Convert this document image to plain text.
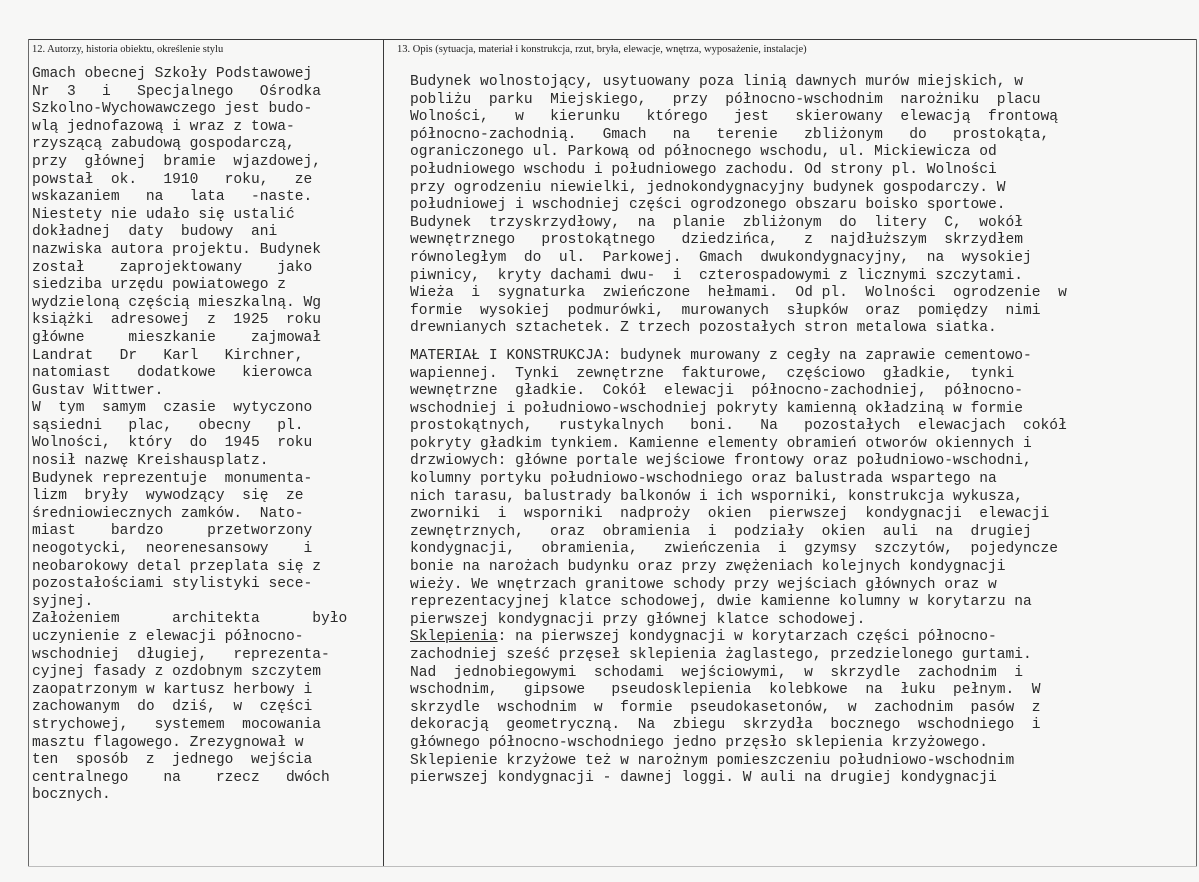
12. Autorzy, historia obiektu, określenie stylu	13. Opis (sytuacja, materiał i konstrukcja, rzut, bryła, elewacje, wnętrza, wyposażenie, instalacje)
Gmach obecnej Szkoły Podstawowej
Nr  3   i   Specjalnego   Ośrodka
Szkolno-Wychowawczego jest budo-
wlą jednofazową i wraz z towa-
rzyszącą zabudową gospodarczą,
przy  głównej  bramie  wjazdowej,
powstał  ok.   1910   roku,   ze
wskazaniem   na   lata   -naste.
Niestety nie udało się ustalić
dokładnej  daty  budowy  ani
nazwiska autora projektu. Budynek
został    zaprojektowany    jako
siedziba urzędu powiatowego z
wydzieloną częścią mieszkalną. Wg
książki  adresowej  z  1925  roku
główne     mieszkanie    zajmował
Landrat   Dr   Karl   Kirchner,
natomiast   dodatkowe   kierowca
Gustav Wittwer.
W  tym  samym  czasie  wytyczono
sąsiedni   plac,   obecny   pl.
Wolności,  który  do  1945  roku
nosił nazwę Kreishausplatz.
Budynek reprezentuje  monumenta-
lizm  bryły  wywodzący  się  ze
średniowiecznych zamków.  Nato-
miast    bardzo     przetworzony
neogotycki,  neorenesansowy    i
neobarokowy detal przeplata się z
pozostałościami stylistyki sece-
syjnej.
Założeniem      architekta      było
uczynienie z elewacji północno-
wschodniej  długiej,   reprezenta-
cyjnej fasady z ozdobnym szczytem
zaopatrzonym w kartusz herbowy i
zachowanym  do  dziś,  w  części
strychowej,   systemem  mocowania
masztu flagowego. Zrezygnował w
ten  sposób  z  jednego  wejścia
centralnego    na    rzecz   dwóch
bocznych.
Budynek wolnostojący, usytuowany poza linią dawnych murów miejskich, w
pobliżu  parku  Miejskiego,   przy  północno-wschodnim  narożniku  placu
Wolności,   w   kierunku   którego   jest   skierowany  elewacją  frontową
północno-zachodnią.   Gmach   na   terenie   zbliżonym   do   prostokąta,
ograniczonego ul. Parkową od północnego wschodu, ul. Mickiewicza od
południowego wschodu i południowego zachodu. Od strony pl. Wolności
przy ogrodzeniu niewielki, jednokondygnacyjny budynek gospodarczy. W
południowej i wschodniej części ogrodzonego obszaru boisko sportowe.
Budynek  trzyskrzydłowy,  na  planie  zbliżonym  do  litery  C,  wokół
wewnętrznego   prostokątnego   dziedzińca,   z  najdłuższym  skrzydłem
równoległym  do  ul.  Parkowej.  Gmach  dwukondygnacyjny,  na  wysokiej
piwnicy,  kryty dachami dwu-  i  czterospadowymi z licznymi szczytami.
Wieża  i  sygnaturka  zwieńczone  hełmami.  Od pl.  Wolności  ogrodzenie  w
formie  wysokiej  podmurówki,  murowanych  słupków  oraz  pomiędzy  nimi
drewnianych sztachetek. Z trzech pozostałych stron metalowa siatka.

MATERIAŁ I KONSTRUKCJA: budynek murowany z cegły na zaprawie cementowo-
wapiennej.  Tynki  zewnętrzne  fakturowe,  częściowo  gładkie,  tynki
wewnętrzne  gładkie.  Cokół  elewacji  północno-zachodniej,  północno-
wschodniej i południowo-wschodniej pokryty kamienną okładziną w formie
prostokątnych,   rustykalnych   boni.   Na   pozostałych  elewacjach  cokół
pokryty gładkim tynkiem. Kamienne elementy obramień otworów okiennych i
drzwiowych: główne portale wejściowe frontowy oraz południowo-wschodni,
kolumny portyku południowo-wschodniego oraz balustrada wspartego na
nich tarasu, balustrady balkonów i ich wsporniki, konstrukcja wykusza,
zworniki  i  wsporniki  nadproży  okien  pierwszej  kondygnacji  elewacji
zewnętrznych,   oraz  obramienia  i  podziały  okien  auli  na  drugiej
kondygnacji,   obramienia,   zwieńczenia  i  gzymsy  szczytów,  pojedyncze
bonie na narożach budynku oraz przy zwężeniach kolejnych kondygnacji
wieży. We wnętrzach granitowe schody przy wejściach głównych oraz w
reprezentacyjnej klatce schodowej, dwie kamienne kolumny w korytarzu na
pierwszej kondygnacji przy głównej klatce schodowej.
Sklepienia: na pierwszej kondygnacji w korytarzach części północno-
zachodniej sześć przęseł sklepienia żaglastego, przedzielonego gurtami.
Nad  jednobiegowymi  schodami  wejściowymi,  w  skrzydle  zachodnim  i
wschodnim,   gipsowe   pseudosklepienia  kolebkowe  na  łuku  pełnym.  W
skrzydle  wschodnim  w  formie  pseudokasetonów,  w  zachodnim  pasów  z
dekoracją  geometryczną.  Na  zbiegu  skrzydła  bocznego  wschodniego  i
głównego północno-wschodniego jedno przęsło sklepienia krzyżowego.
Sklepienie krzyżowe też w narożnym pomieszczeniu południowo-wschodnim
pierwszej kondygnacji - dawnej loggi. W auli na drugiej kondygnacji
